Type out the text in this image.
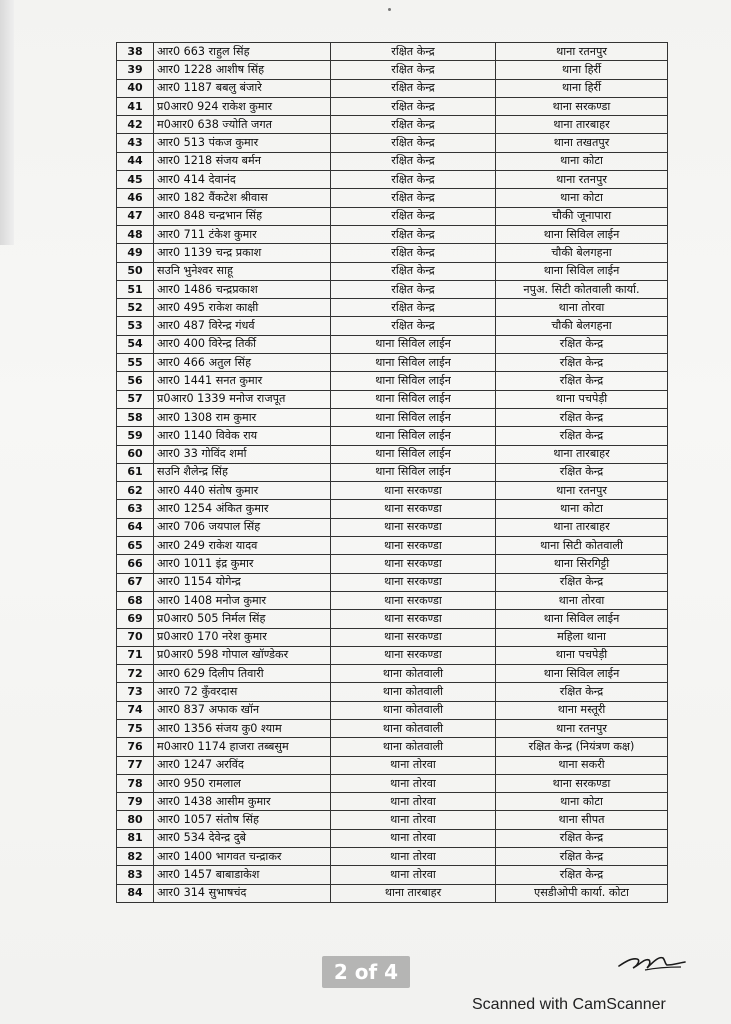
38	आर0 663 राहुल सिंह	रक्षित केन्द्र	थाना रतनपुर
39	आर0 1228 आशीष सिंह	रक्षित केन्द्र	थाना हिर्री
40	आर0 1187 बबलु बंजारे	रक्षित केन्द्र	थाना हिर्री
41	प्र0आर0 924 राकेश कुमार	रक्षित केन्द्र	थाना सरकण्डा
42	म0आर0 638 ज्योति जगत	रक्षित केन्द्र	थाना तारबाहर
43	आर0 513 पंकज कुमार	रक्षित केन्द्र	थाना तखतपुर
44	आर0 1218 संजय बर्मन	रक्षित केन्द्र	थाना कोटा
45	आर0 414 देवानंद	रक्षित केन्द्र	थाना रतनपुर
46	आर0 182 वैंकटेश श्रीवास	रक्षित केन्द्र	थाना कोटा
47	आर0 848 चन्द्रभान सिंह	रक्षित केन्द्र	चौकी जूनापारा
48	आर0 711 टंकेश कुमार	रक्षित केन्द्र	थाना सिविल लाईन
49	आर0 1139 चन्द्र प्रकाश	रक्षित केन्द्र	चौकी बेलगहना
50	सउनि भुनेश्वर साहू	रक्षित केन्द्र	थाना सिविल लाईन
51	आर0 1486 चन्द्रप्रकाश	रक्षित केन्द्र	नपुअ. सिटी कोतवाली कार्या.
52	आर0 495 राकेश काक्षी	रक्षित केन्द्र	थाना तोरवा
53	आर0 487 विरेन्द्र गंधर्व	रक्षित केन्द्र	चौकी बेलगहना
54	आर0 400 विरेन्द्र तिर्की	थाना सिविल लाईन	रक्षित केन्द्र
55	आर0 466 अतुल सिंह	थाना सिविल लाईन	रक्षित केन्द्र
56	आर0 1441 सनत कुमार	थाना सिविल लाईन	रक्षित केन्द्र
57	प्र0आर0 1339 मनोज राजपूत	थाना सिविल लाईन	थाना पचपेड़ी
58	आर0 1308 राम कुमार	थाना सिविल लाईन	रक्षित केन्द्र
59	आर0 1140 विवेक राय	थाना सिविल लाईन	रक्षित केन्द्र
60	आर0 33 गोविंद शर्मा	थाना सिविल लाईन	थाना तारबाहर
61	सउनि शैलेन्द्र सिंह	थाना सिविल लाईन	रक्षित केन्द्र
62	आर0 440 संतोष कुमार	थाना सरकण्डा	थाना रतनपुर
63	आर0 1254 अंकित कुमार	थाना सरकण्डा	थाना कोटा
64	आर0 706 जयपाल सिंह	थाना सरकण्डा	थाना तारबाहर
65	आर0 249 राकेश यादव	थाना सरकण्डा	थाना सिटी कोतवाली
66	आर0 1011 इंद्र कुमार	थाना सरकण्डा	थाना सिरगिट्टी
67	आर0 1154 योगेन्द्र	थाना सरकण्डा	रक्षित केन्द्र
68	आर0 1408 मनोज कुमार	थाना सरकण्डा	थाना तोरवा
69	प्र0आर0 505 निर्मल सिंह	थाना सरकण्डा	थाना सिविल लाईन
70	प्र0आर0 170 नरेश कुमार	थाना सरकण्डा	महिला थाना
71	प्र0आर0 598 गोपाल खॉण्डेकर	थाना सरकण्डा	थाना पचपेड़ी
72	आर0 629 दिलीप तिवारी	थाना कोतवाली	थाना सिविल लाईन
73	आर0 72 कुँवरदास	थाना कोतवाली	रक्षित केन्द्र
74	आर0 837 अफाक खॉन	थाना कोतवाली	थाना मस्तूरी
75	आर0 1356 संजय कु0 श्याम	थाना कोतवाली	थाना रतनपुर
76	म0आर0 1174 हाजरा तब्बसुम	थाना कोतवाली	रक्षित केन्द्र (नियंत्रण कक्ष)
77	आर0 1247 अरविंद	थाना तोरवा	थाना सकरी
78	आर0 950 रामलाल	थाना तोरवा	थाना सरकण्डा
79	आर0 1438 आसीम कुमार	थाना तोरवा	थाना कोटा
80	आर0 1057 संतोष सिंह	थाना तोरवा	थाना सीपत
81	आर0 534 देवेन्द्र दुबे	थाना तोरवा	रक्षित केन्द्र
82	आर0 1400 भागवत चन्द्राकर	थाना तोरवा	रक्षित केन्द्र
83	आर0 1457 बाबाडाकेश	थाना तोरवा	रक्षित केन्द्र
84	आर0 314 सुभाषचंद	थाना तारबाहर	एसडीओपी कार्या. कोटा
2 of 4
Scanned with CamScanner
